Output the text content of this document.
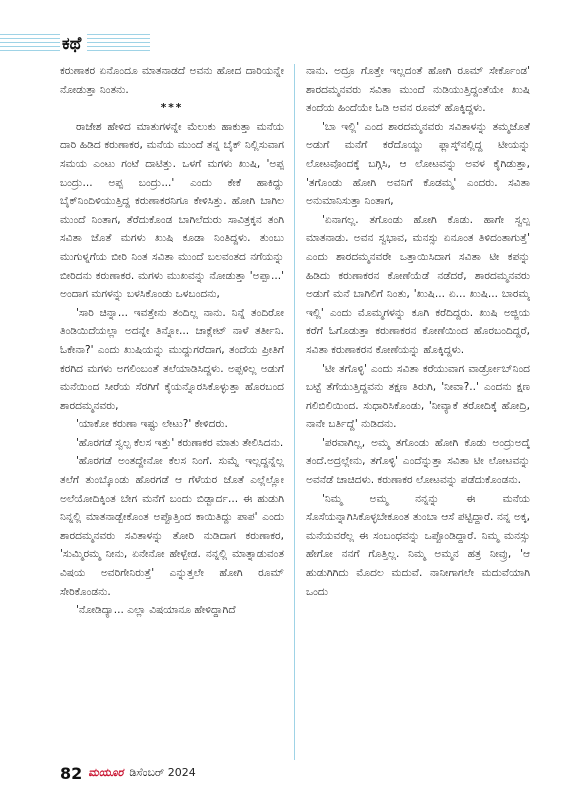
ಕಥೆ

ಕರುಣಾಕರ ಏನೊಂದೂ ಮಾತನಾಡದೆ ಅವನು ಹೋದ ದಾರಿಯನ್ನೇ ನೋಡುತ್ತಾ ನಿಂತನು.

***

ರಾಜೇಶ ಹೇಳಿದ ಮಾತುಗಳನ್ನೇ ಮೆಲುಕು ಹಾಕುತ್ತಾ ಮನೆಯ ದಾರಿ ಹಿಡಿದ ಕರುಣಾಕರ, ಮನೆಯ ಮುಂದೆ ತನ್ನ ಬೈಕ್ ನಿಲ್ಲಿಸುವಾಗ ಸಮಯ ಎಂಟು ಗಂಟೆ ದಾಟಿತ್ತು. ಒಳಗೆ ಮಗಳು ಖುಷಿ, 'ಅಪ್ಪ ಬಂದ್ರು... ಅಪ್ಪ ಬಂದ್ರು...' ಎಂದು ಕೇಕೆ ಹಾಕಿದ್ದು ಬೈಕ್‌ನಿಂದಿಳಿಯುತ್ತಿದ್ದ ಕರುಣಾಕರನಿಗೂ ಕೇಳಿಸಿತ್ತು. ಹೋಗಿ ಬಾಗಿಲ ಮುಂದೆ ನಿಂತಾಗ, ತೆರೆದುಕೊಂಡ ಬಾಗಿಲೆದುರು ಸಾವಿತ್ರಕ್ಕನ ತಂಗಿ ಸವಿತಾ ಜೊತೆ ಮಗಳು ಖುಷಿ ಕೂಡಾ ನಿಂತಿದ್ದಳು. ತುಂಬು ಮುಗುಳ್ನಗೆಯ ಬೀರಿ ನಿಂತ ಸವಿತಾ ಮುಂದೆ ಬಲವಂತದ ನಗೆಯನ್ನು ಬೀರಿದನು ಕರುಣಾಕರ. ಮಗಳು ಮುಖವನ್ನು ನೋಡುತ್ತಾ 'ಅಪ್ಪಾ...' ಅಂದಾಗ ಮಗಳನ್ನು ಬಳಸಿಕೊಂಡು ಒಳಬಂದನು,

'ಸಾರಿ ಚಿನ್ನಾ... ಇವತ್ತೇನು ತಂದಿಲ್ಲ ನಾನು. ನಿನ್ನೆ ತಂದಿರೋ ತಿಂಡಿಯಿದೆಯಲ್ಲಾ ಅದನ್ನೇ ತಿನ್ನೋ... ಚಾಕ್ಲೇಟ್ ನಾಳೆ ತರ್ತೀನಿ. ಓಕೇನಾ?' ಎಂದು ಖುಷಿಯನ್ನು ಮುದ್ದುಗರೆದಾಗ, ತಂದೆಯ ಪ್ರೀತಿಗೆ ಕರಗಿದ ಮಗಳು ಅಗಲಿಂಬಂತೆ ತಲೆಯಾಡಿಸಿದ್ದಳು. ಅಪ್ಪಳಿಲ್ಲ ಅಡುಗೆ ಮನೆಯಿಂದ ಸೀರೆಯ ಸೆರಗಿಗೆ ಕೈಯನ್ನೊರಸಿಕೊಳ್ಳುತ್ತಾ ಹೊರಬಂದ ಶಾರದಮ್ಮನವರು,

'ಯಾಕೋ ಕರುಣಾ ಇಷ್ಟು ಲೇಟು?' ಕೇಳಿದರು.

'ಹೊರಗಡೆ ಸ್ವಲ್ಪ ಕೆಲಸ ಇತ್ತು' ಕರುಣಾಕರ ಮಾತು ತೇಲಿಸಿದನು.

'ಹೊರಗಡೆ ಅಂತದ್ದೇನೋ ಕೆಲಸ ನಿಂಗೆ. ಸುಮ್ನೆ ಇಲ್ಲದ್ದನ್ನೆಲ್ಲ ತಲೆಗೆ ತುಂಬ್ಕೊಂಡು ಹೊರಗಡೆ ಆ ಗೆಳೆಯರ ಜೊತೆ ಎಲ್ಲೆಲ್ಲೋ ಅಲೆಯೋದಿಕ್ಕಿಂತ ಬೇಗ ಮನೆಗೆ ಬಂದು ಬಿಡ್ಬಾರ್ದ... ಈ ಹುಡುಗಿ ನಿನ್ನಲ್ಲಿ ಮಾತನಾಡ್ಬೇಕೊಂತ ಅಪ್ಪೊತ್ತಿಂದ ಕಾಯಿತಿದ್ದು ಪಾಪ' ಎಂದು ಶಾರದಮ್ಮನವರು ಸವಿತಾಳನ್ನು ತೋರಿ ನುಡಿದಾಗ ಕರುಣಾಕರ, 'ಸುಮ್ಮಿರಮ್ಮ ನೀನು, ಏನೇನೋ ಹೇಳ್ಬೇಡ. ನನ್ನಲ್ಲಿ ಮಾತ್ನಾಡುವಂತ ವಿಷಯ ಅವರಿಗೇನಿರುತ್ತೆ' ಎನ್ನುತ್ತಲೇ ಹೋಗಿ ರೂಮ್ ಸೇರಿಕೊಂಡನು.

'ನೋಡಿದ್ಯಾ... ಎಲ್ಲಾ ವಿಷಯಾನೂ ಹೇಳಿದ್ದಾಗಿದೆ

ನಾನು. ಅದ್ರೂ ಗೊತ್ತೇ ಇಲ್ಲದಂತೆ ಹೋಗಿ ರೂಮ್ ಸೇರ್ಕೊಂಡ' ಶಾರದಮ್ಮನವರು ಸವಿತಾ ಮುಂದೆ ನುಡಿಯುತ್ತಿದ್ದಂತೆಯೇ ಖುಷಿ ತಂದೆಯ ಹಿಂದೆಯೇ ಓಡಿ ಅವನ ರೂಮ್ ಹೊಕ್ಕಿದ್ದಳು.

'ಬಾ ಇಲ್ಲಿ' ಎಂದ ಶಾರದಮ್ಮನವರು ಸವಿತಾಳನ್ನು ತಮ್ಮಜೊತೆ ಅಡುಗೆ ಮನೆಗೆ ಕರೆದೊಯ್ದು ಫ್ಲಾಸ್ಕ್‌ನಲ್ಲಿದ್ದ ಟೀಯನ್ನು ಲೋಟವೊಂದಕ್ಕೆ ಬಗ್ಗಿಸಿ, ಆ ಲೋಟವನ್ನು ಅವಳ ಕೈಗಿಡುತ್ತಾ, 'ತಗೊಂಡು ಹೋಗಿ ಅವನಿಗೆ ಕೊಡಮ್ಮ' ಎಂದರು. ಸವಿತಾ ಅನುಮಾನಿಸುತ್ತಾ ನಿಂತಾಗ,

'ಏನಾಗಲ್ಲ. ತಗೊಂಡು ಹೋಗಿ ಕೊಡು. ಹಾಗೇ ಸ್ವಲ್ಪ ಮಾತನಾಡು. ಅವನ ಸ್ವಭಾವ, ಮನಸ್ಸು ಏನೂಂತ ತಿಳಿದಂತಾಗುತ್ತೆ' ಎಂದು ಶಾರದಮ್ಮನವರೇ ಒತ್ತಾಯಿಸಿದಾಗ ಸವಿತಾ ಟೀ ಕಪನ್ನು ಹಿಡಿದು ಕರುಣಾಕರನ ಕೋಣೆಯೆಡೆ ನಡೆದರೆ, ಶಾರದಮ್ಮನವರು ಅಡುಗೆ ಮನೆ ಬಾಗಿಲಿಗೆ ನಿಂತು, 'ಖುಷಿ... ಏ... ಖುಷಿ... ಬಾರಮ್ಮ ಇಲ್ಲಿ' ಎಂದು ಮೊಮ್ಮಗಳನ್ನು ಕೂಗಿ ಕರೆದಿದ್ದರು. ಖುಷಿ ಅಜ್ಜಿಯ ಕರೆಗೆ ಓಗೊಡುತ್ತಾ ಕರುಣಾಕರನ ಕೋಣೆಯಿಂದ ಹೊರಬಂದಿದ್ದರೆ, ಸವಿತಾ ಕರುಣಾಕರನ ಕೋಣೆಯನ್ನು ಹೊಕ್ಕಿದ್ದಳು.

'ಟೀ ತಗೊಳ್ಳಿ' ಎಂದು ಸವಿತಾ ಕರೆಯುವಾಗ ವಾರ್ಡ್ರೋಬ್‌ನಿಂದ ಬಟ್ಟೆ ತೆಗೆಯುತ್ತಿದ್ದವನು ತಕ್ಷಣ ತಿರುಗಿ, 'ನೀವಾ?..' ಎಂದನು ಕ್ಷಣ ಗಲಿಬಿಲಿಯಿಂದ. ಸುಧಾರಿಸಿಕೊಂಡು, 'ನೀವ್ಯಾಕೆ ತರೋದಿಕ್ಕೆ ಹೋದ್ರಿ, ನಾನೇ ಬರ್ತಿದ್ದೆ' ನುಡಿದನು.

'ಪರವಾಗಿಲ್ಲ, ಅಮ್ಮ ತಗೊಂಡು ಹೋಗಿ ಕೊಡು ಅಂದ್ರುಅದ್ಕೆ ತಂದೆ.ಅದ್ರಲ್ಲೇನು, ತಗೊಳ್ಳಿ' ಎಂದೆನ್ನುತ್ತಾ ಸವಿತಾ ಟೀ ಲೋಟವನ್ನು ಅವನೆಡೆ ಚಾಚಿದಳು. ಕರುಣಾಕರ ಲೋಟವನ್ನು ಪಡೆದುಕೊಂಡನು.

'ನಿಮ್ಮ ಅಮ್ಮ ನನ್ನನ್ನು ಈ ಮನೆಯ ಸೊಸೆಯನ್ನಾಗಿಸಿಕೊಳ್ಳಬೇಕೂಂತ ತುಂಬಾ ಆಸೆ ಪಟ್ಟಿದ್ದಾರೆ. ನನ್ನ ಅಕ್ಕ, ಮನೆಯವರೆಲ್ಲ ಈ ಸಂಬಂಧವನ್ನು ಒಪ್ಪೊಂಡಿದ್ದಾರೆ. ನಿಮ್ಮ ಮನಸ್ಸು ಹೇಗೋ ನನಗೆ ಗೊತ್ತಿಲ್ಲ. ನಿಮ್ಮ ಅಮ್ಮನ ಹತ್ರ ನೀವ್ರು, 'ಆ ಹುಡುಗಿಗಿದು ಮೊದಲ ಮದುವೆ. ನಾನೀಗಾಗಲೇ ಮದುವೆಯಾಗಿ ಒಂದು

82 ಮಯೂರ ಡಿಸೆಂಬರ್ 2024
